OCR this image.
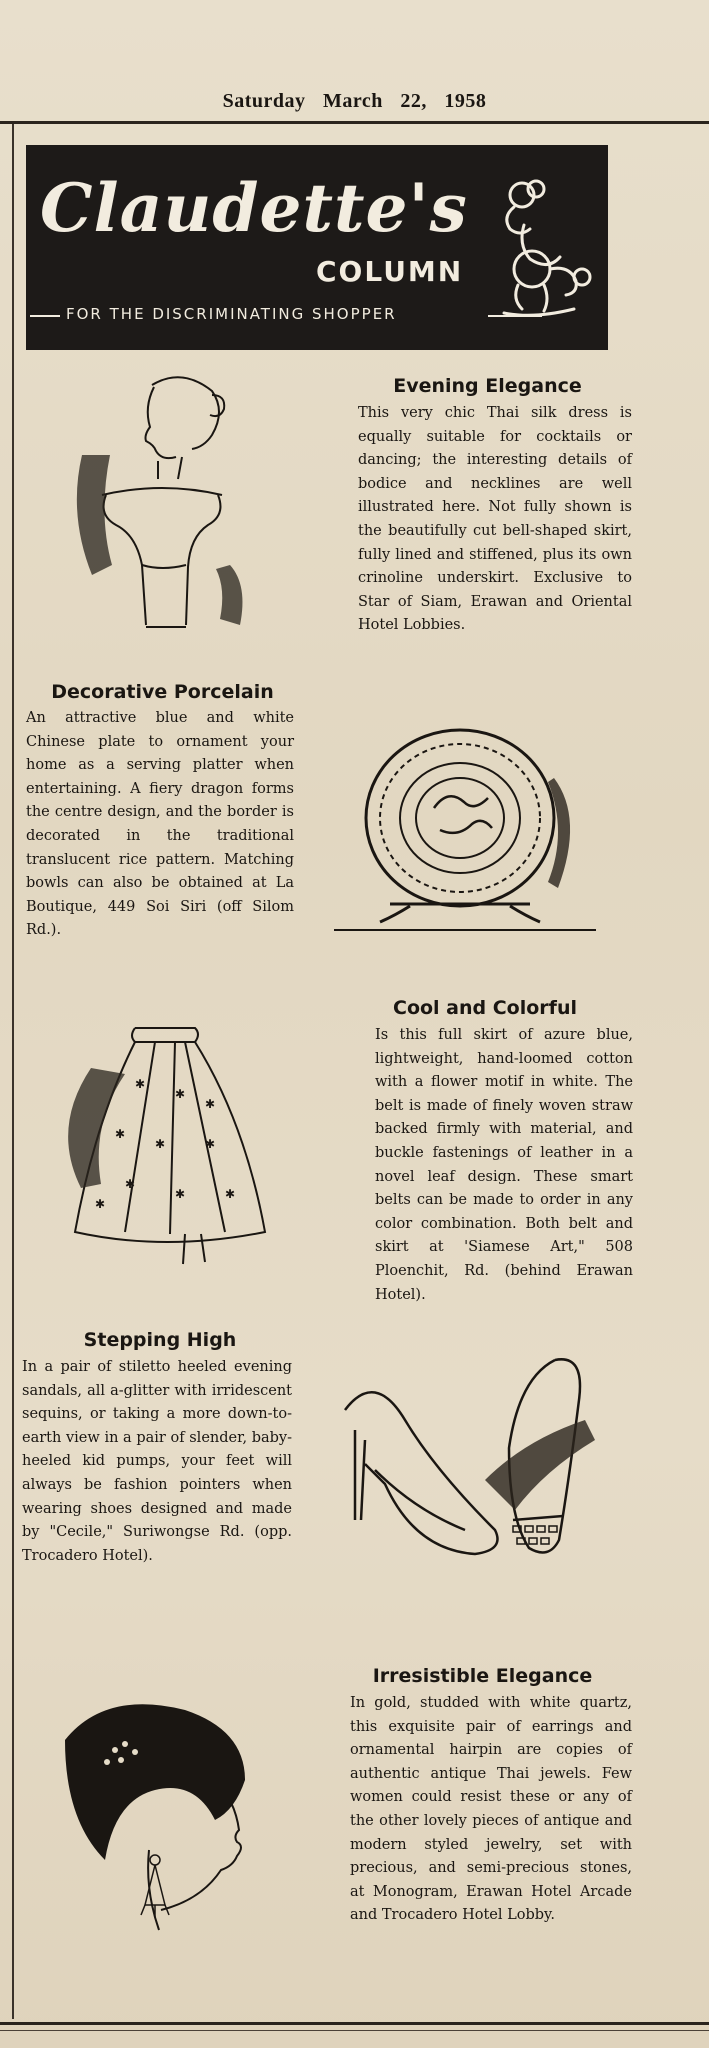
Saturday March 22, 1958
Claudette's
COLUMN
FOR THE DISCRIMINATING SHOPPER
Evening Elegance

This very chic Thai silk dress is equally suitable for cocktails or dancing; the interesting details of bodice and necklines are well illustrated here. Not fully shown is the beautifully cut bell-shaped skirt, fully lined and stiffened, plus its own crinoline underskirt. Exclusive to Star of Siam, Erawan and Oriental Hotel Lobbies.

Decorative Porcelain

An attractive blue and white Chinese plate to ornament your home as a serving platter when entertaining. A fiery dragon forms the centre design, and the border is decorated in the traditional translucent rice pattern. Matching bowls can also be obtained at La Boutique, 449 Soi Siri (off Silom Rd.).

Cool and Colorful

Is this full skirt of azure blue, lightweight, hand-loomed cotton with a flower motif in white. The belt is made of finely woven straw backed firmly with material, and buckle fastenings of leather in a novel leaf design. These smart belts can be made to order in any color combination. Both belt and skirt at 'Siamese Art," 508 Ploenchit, Rd. (behind Erawan Hotel).

✱
✱
✱
✱	✱
✱
✱	✱
✱
✱
Stepping High

In a pair of stiletto heeled evening sandals, all a-glitter with irridescent sequins, or taking a more down-to-earth view in a pair of slender, baby-heeled kid pumps, your feet will always be fashion pointers when wearing shoes designed and made by "Cecile," Suriwongse Rd. (opp. Trocadero Hotel).

Irresistible Elegance

In gold, studded with white quartz, this exquisite pair of earrings and ornamental hairpin are copies of authentic antique Thai jewels. Few women could resist these or any of the other lovely pieces of antique and modern styled jewelry, set with precious, and semi-precious stones, at Monogram, Erawan Hotel Arcade and Trocadero Hotel Lobby.
